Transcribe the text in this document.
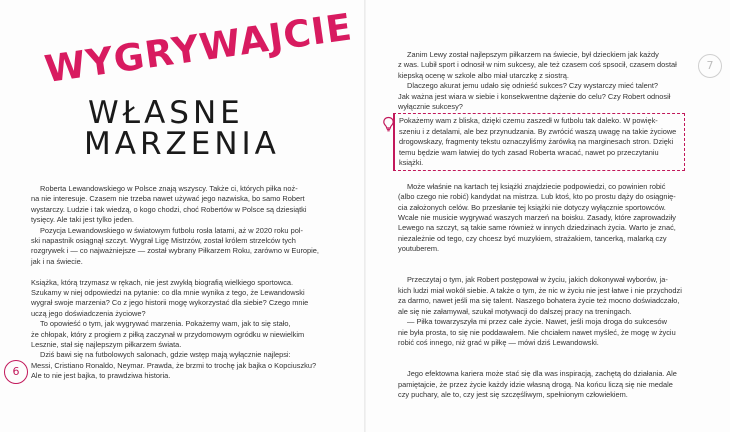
WYGRYWAJCIE
WŁASNE
MARZENIA

Roberta Lewandowskiego w Polsce znają wszyscy. Także ci, których piłka noż-

na nie interesuje. Czasem nie trzeba nawet używać jego nazwiska, bo samo Robert

wystarczy. Ludzie i tak wiedzą, o kogo chodzi, choć Robertów w Polsce są dziesiątki

tysięcy. Ale taki jest tylko jeden.

Pozycja Lewandowskiego w światowym futbolu rosła latami, aż w 2020 roku pol-

ski napastnik osiągnął szczyt. Wygrał Ligę Mistrzów, został królem strzelców tych

rozgrywek i — co najważniejsze — został wybrany Piłkarzem Roku, zarówno w Europie,

jak i na świecie.

Książka, którą trzymasz w rękach, nie jest zwykłą biografią wielkiego sportowca.

Szukamy w niej odpowiedzi na pytanie: co dla mnie wynika z tego, że Lewandowski

wygrał swoje marzenia? Co z jego historii mogę wykorzystać dla siebie? Czego mnie

uczą jego doświadczenia życiowe?

To opowieść o tym, jak wygrywać marzenia. Pokażemy wam, jak to się stało,

że chłopak, który z progiem z piłką zaczynał w przydomowym ogródku w niewielkim

Lesznie, stał się najlepszym piłkarzem świata.

Dziś bawi się na futbolowych salonach, gdzie wstęp mają wyłącznie najlepsi:

Messi, Cristiano Ronaldo, Neymar. Prawda, że brzmi to trochę jak bajka o Kopciuszku?

Ale to nie jest bajka, to prawdziwa historia.

Zanim Lewy został najlepszym piłkarzem na świecie, był dzieckiem jak każdy

z was. Lubił sport i odnosił w nim sukcesy, ale też czasem coś spsocił, czasem dostał

kiepską ocenę w szkole albo miał utarczkę z siostrą.

Dlaczego akurat jemu udało się odnieść sukces? Czy wystarczy mieć talent?

Jak ważna jest wiara w siebie i konsekwentne dążenie do celu? Czy Robert odnosił

wyłącznie sukcesy?

Pokażemy wam z bliska, dzięki czemu zaszedł w futbolu tak daleko. W powięk-

szeniu i z detalami, ale bez przynudzania. By zwrócić waszą uwagę na takie życiowe

drogowskazy, fragmenty tekstu oznaczyliśmy żarówką na marginesach stron. Dzięki

temu będzie wam łatwiej do tych zasad Roberta wracać, nawet po przeczytaniu książki.

Może właśnie na kartach tej książki znajdziecie podpowiedzi, co powinien robić

(albo czego nie robić) kandydat na mistrza. Lub ktoś, kto po prostu dąży do osiągnię-

cia założonych celów. Bo przesłanie tej książki nie dotyczy wyłącznie sportowców.

Wcale nie musicie wygrywać waszych marzeń na boisku. Zasady, które zaprowadziły

Lewego na szczyt, są takie same również w innych dziedzinach życia. Warto je znać,

niezależnie od tego, czy chcesz być muzykiem, strażakiem, tancerką, malarką czy

youtuberem.

Przeczytaj o tym, jak Robert postępował w życiu, jakich dokonywał wyborów, ja-

kich ludzi miał wokół siebie. A także o tym, że nic w życiu nie jest łatwe i nie przychodzi

za darmo, nawet jeśli ma się talent. Naszego bohatera życie też mocno doświadczało,

ale się nie załamywał, szukał motywacji do dalszej pracy na treningach.

— Piłka towarzyszyła mi przez całe życie. Nawet, jeśli moja droga do sukcesów

nie była prosta, to się nie poddawałem. Nie chciałem nawet myśleć, że mogę w życiu

robić coś innego, niż grać w piłkę — mówi dziś Lewandowski.

Jego efektowna kariera może stać się dla was inspiracją, zachętą do działania. Ale

pamiętajcie, że przez życie każdy idzie własną drogą. Na końcu liczą się nie medale

czy puchary, ale to, czy jest się szczęśliwym, spełnionym człowiekiem.

6
7
